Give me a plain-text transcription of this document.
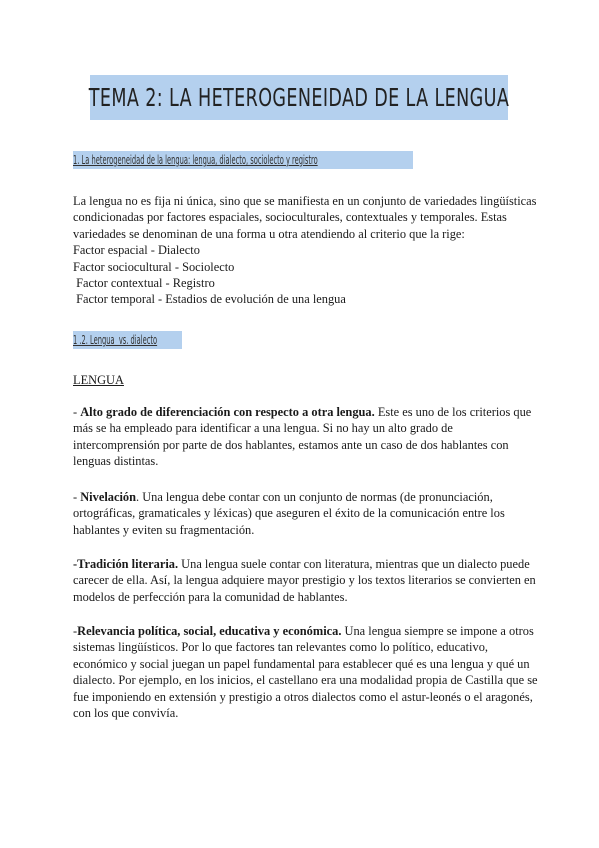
TEMA 2: LA HETEROGENEIDAD DE LA LENGUA
1. La heterogeneidad de la lengua: lengua, dialecto, sociolecto y registro
La lengua no es fija ni única, sino que se manifiesta en un conjunto de variedades lingüísticas
condicionadas por factores espaciales, socioculturales, contextuales y temporales. Estas
variedades se denominan de una forma u otra atendiendo al criterio que la rige:
Factor espacial - Dialecto
Factor sociocultural - Sociolecto
Factor contextual - Registro
Factor temporal - Estadios de evolución de una lengua
1 .2. Lengua  vs. dialecto
LENGUA
- Alto grado de diferenciación con respecto a otra lengua. Este es uno de los criterios que
más se ha empleado para identificar a una lengua. Si no hay un alto grado de
intercomprensión por parte de dos hablantes, estamos ante un caso de dos hablantes con
lenguas distintas.
- Nivelación. Una lengua debe contar con un conjunto de normas (de pronunciación,
ortográficas, gramaticales y léxicas) que aseguren el éxito de la comunicación entre los
hablantes y eviten su fragmentación.
-Tradición literaria. Una lengua suele contar con literatura, mientras que un dialecto puede
carecer de ella. Así, la lengua adquiere mayor prestigio y los textos literarios se convierten en
modelos de perfección para la comunidad de hablantes.
-Relevancia política, social, educativa y económica. Una lengua siempre se impone a otros
sistemas lingüísticos. Por lo que factores tan relevantes como lo político, educativo,
económico y social juegan un papel fundamental para establecer qué es una lengua y qué un
dialecto. Por ejemplo, en los inicios, el castellano era una modalidad propia de Castilla que se
fue imponiendo en extensión y prestigio a otros dialectos como el astur-leonés o el aragonés,
con los que convivía.
